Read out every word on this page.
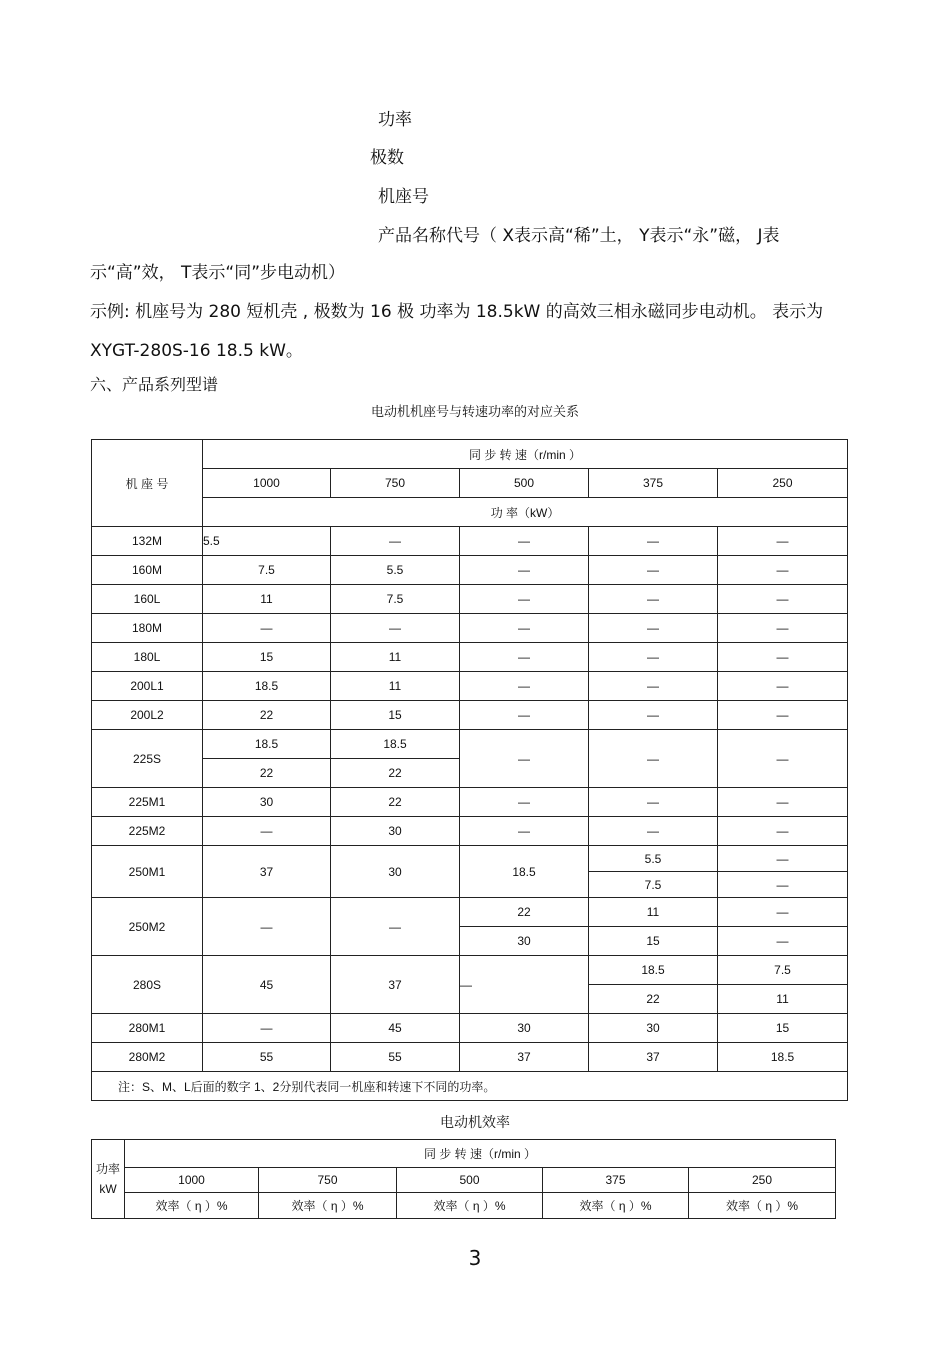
功率
极数
机座号
产品名称代号（ X表示高“稀”土， Y表示“永”磁， J表
示“高”效， T表示“同”步电动机）
示例: 机座号为 280 短机壳 , 极数为 16 极 功率为 18.5kW 的高效三相永磁同步电动机。 表示为
XYGT-280S-16 18.5 kW。
六、产品系列型谱
电动机机座号与转速功率的对应关系
机 座 号	同 步 转 速（r/min ）				
	1000	750	500	375	250
	功 率（kW）				
132M	5.5	—	—	—	—
160M	7.5	5.5	—	—	—
160L	11	7.5	—	—	—
180M	—	—	—	—	—
180L	15	11	—	—	—
200L1	18.5	11	—	—	—
200L2	22	15	—	—	—
225S	18.5	18.5	—	—	—
	22	22			
225M1	30	22	—	—	—
225M2	—	30	—	—	—
250M1	37	30	18.5	5.5	—
				7.5	—
250M2	—	—	22	11	—
			30	15	—
280S	45	37	—	18.5	7.5
				22	11
280M1	—	45	30	30	15
280M2	55	55	37	37	18.5
注：S、M、L后面的数字 1、2分别代表同一机座和转速下不同的功率。					
电动机效率
功率
kW	同 步 转 速（r/min ）				
	1000	750	500	375	250
	效率（ η ）%	效率（ η ）%	效率（ η ）%	效率（ η ）%	效率（ η ）%
3
